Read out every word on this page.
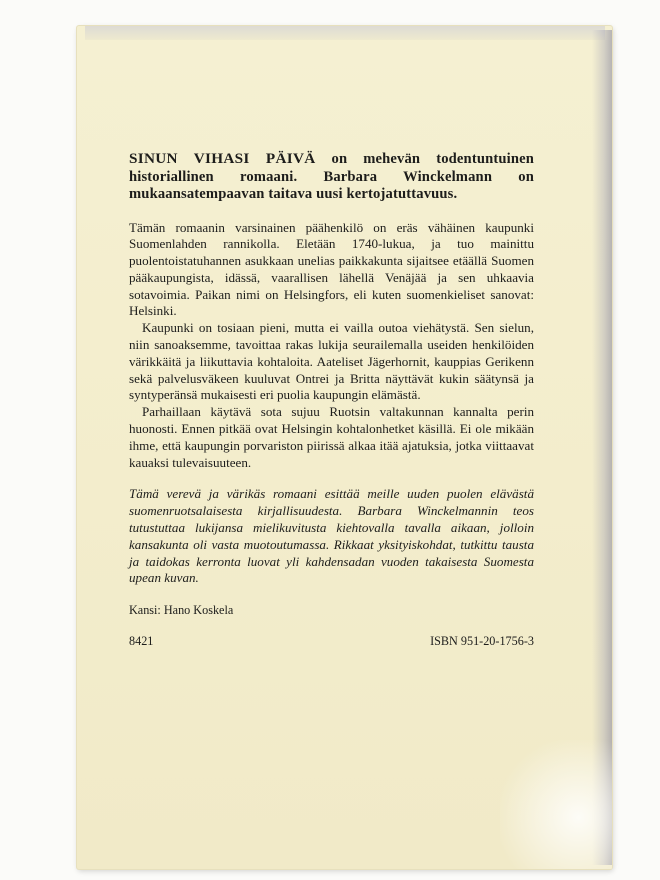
SINUN VIHASI PÄIVÄ on mehevän todentuntuinen historiallinen romaani. Barbara Winckelmann on mukaansatempaavan taitava uusi kertojatuttavuus.

Tämän romaanin varsinainen päähenkilö on eräs vähäinen kaupunki Suomenlahden rannikolla. Eletään 1740-lukua, ja tuo mainittu puolentoistatuhannen asukkaan unelias paikkakunta sijaitsee etäällä Suomen pääkaupungista, idässä, vaarallisen lähellä Venäjää ja sen uhkaavia sotavoimia. Paikan nimi on Helsingfors, eli kuten suomenkieliset sanovat: Helsinki.

Kaupunki on tosiaan pieni, mutta ei vailla outoa viehätystä. Sen sielun, niin sanoaksemme, tavoittaa rakas lukija seurailemalla useiden henkilöiden värikkäitä ja liikuttavia kohtaloita. Aateliset Jägerhornit, kauppias Gerikenn sekä palvelusväkeen kuuluvat Ontrei ja Britta näyttävät kukin säätynsä ja syntyperänsä mukaisesti eri puolia kaupungin elämästä.

Parhaillaan käytävä sota sujuu Ruotsin valtakunnan kannalta perin huonosti. Ennen pitkää ovat Helsingin kohtalonhetket käsillä. Ei ole mikään ihme, että kaupungin porvariston piirissä alkaa itää ajatuksia, jotka viittaavat kauaksi tulevaisuuteen.

Tämä verevä ja värikäs romaani esittää meille uuden puolen elävästä suomenruotsalaisesta kirjallisuudesta. Barbara Winckelmannin teos tutustuttaa lukijansa mielikuvitusta kiehtovalla tavalla aikaan, jolloin kansakunta oli vasta muotoutumassa. Rikkaat yksityiskohdat, tutkittu tausta ja taidokas kerronta luovat yli kahdensadan vuoden takaisesta Suomesta upean kuvan.

Kansi: Hano Koskela

8421	ISBN 951-20-1756-3
